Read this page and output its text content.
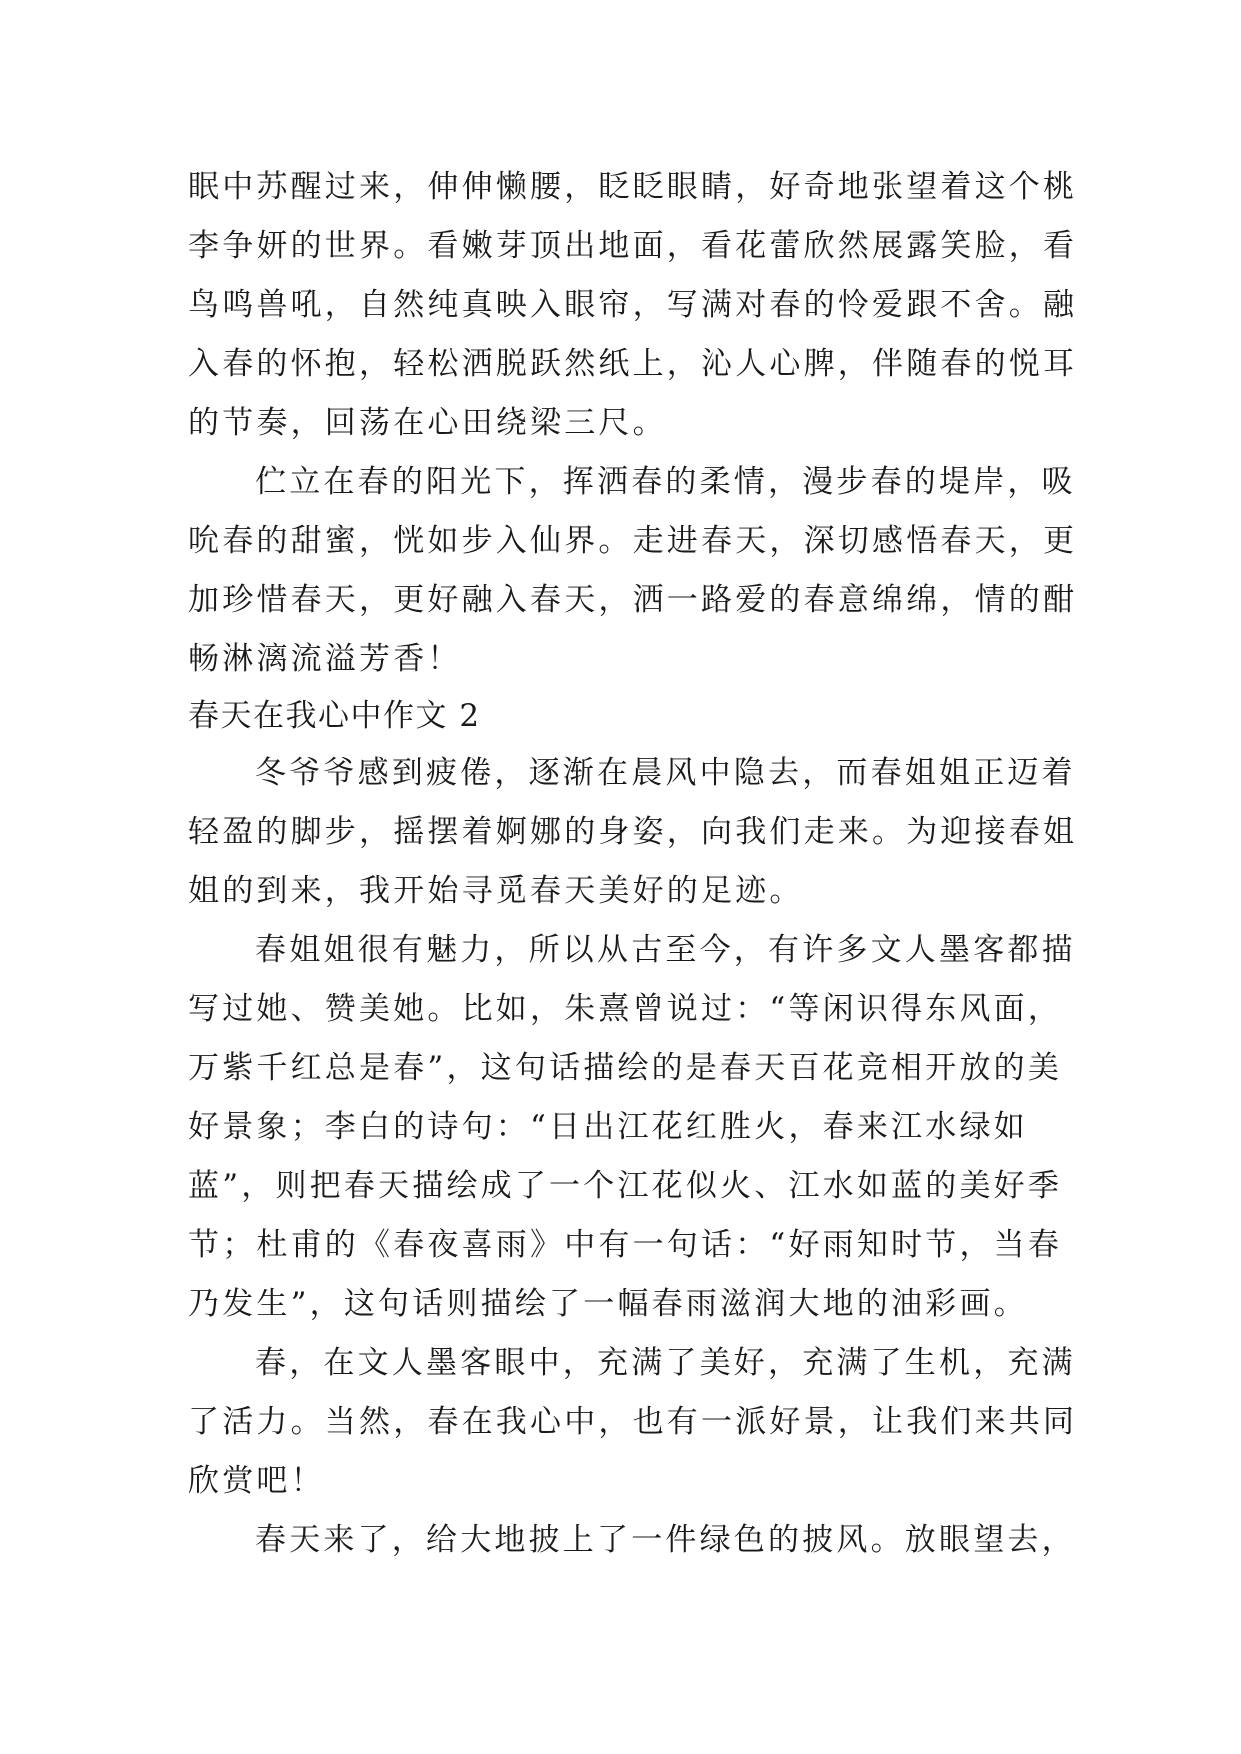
眠中苏醒过来，伸伸懒腰，眨眨眼睛，好奇地张望着这个桃
李争妍的世界。看嫩芽顶出地面，看花蕾欣然展露笑脸，看
鸟鸣兽吼，自然纯真映入眼帘，写满对春的怜爱跟不舍。融
入春的怀抱，轻松洒脱跃然纸上，沁人心脾，伴随春的悦耳
的节奏，回荡在心田绕梁三尺。
伫立在春的阳光下，挥洒春的柔情，漫步春的堤岸，吸
吮春的甜蜜，恍如步入仙界。走进春天，深切感悟春天，更
加珍惜春天，更好融入春天，洒一路爱的春意绵绵，情的酣
畅淋漓流溢芳香！
春天在我心中作文 2
冬爷爷感到疲倦，逐渐在晨风中隐去，而春姐姐正迈着
轻盈的脚步，摇摆着婀娜的身姿，向我们走来。为迎接春姐
姐的到来，我开始寻觅春天美好的足迹。
春姐姐很有魅力，所以从古至今，有许多文人墨客都描
写过她、赞美她。比如，朱熹曾说过：“等闲识得东风面，
万紫千红总是春”，这句话描绘的是春天百花竞相开放的美
好景象；李白的诗句：“日出江花红胜火，春来江水绿如
蓝”，则把春天描绘成了一个江花似火、江水如蓝的美好季
节；杜甫的《春夜喜雨》中有一句话：“好雨知时节，当春
乃发生”，这句话则描绘了一幅春雨滋润大地的油彩画。
春，在文人墨客眼中，充满了美好，充满了生机，充满
了活力。当然，春在我心中，也有一派好景，让我们来共同
欣赏吧！
春天来了，给大地披上了一件绿色的披风。放眼望去，
